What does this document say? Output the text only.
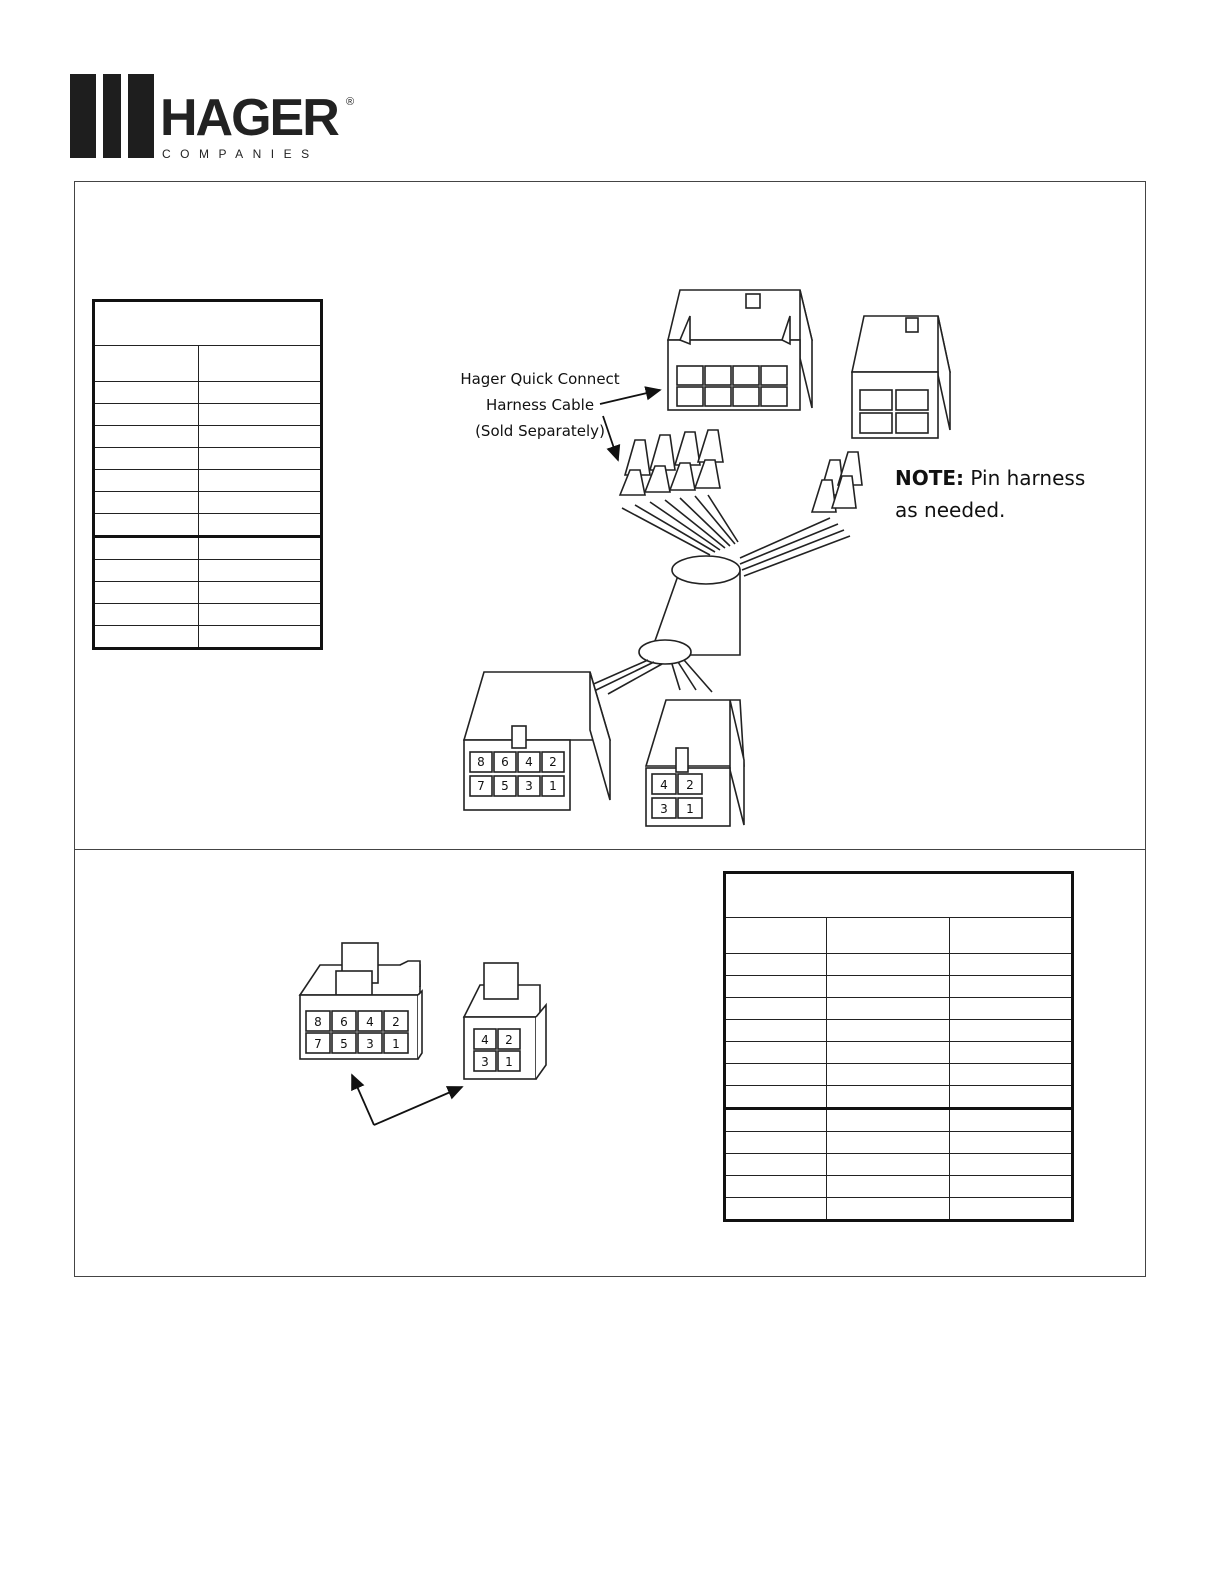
HAGER ®
COMPANIES

Hager Quick Connect
Harness Cable
(Sold Separately)
NOTE: Pin harness
as needed.
8 6 4 2
7 5 3 1	4 2
3 1
8 6 4 2
7 5 3 1	4 2
3 1
